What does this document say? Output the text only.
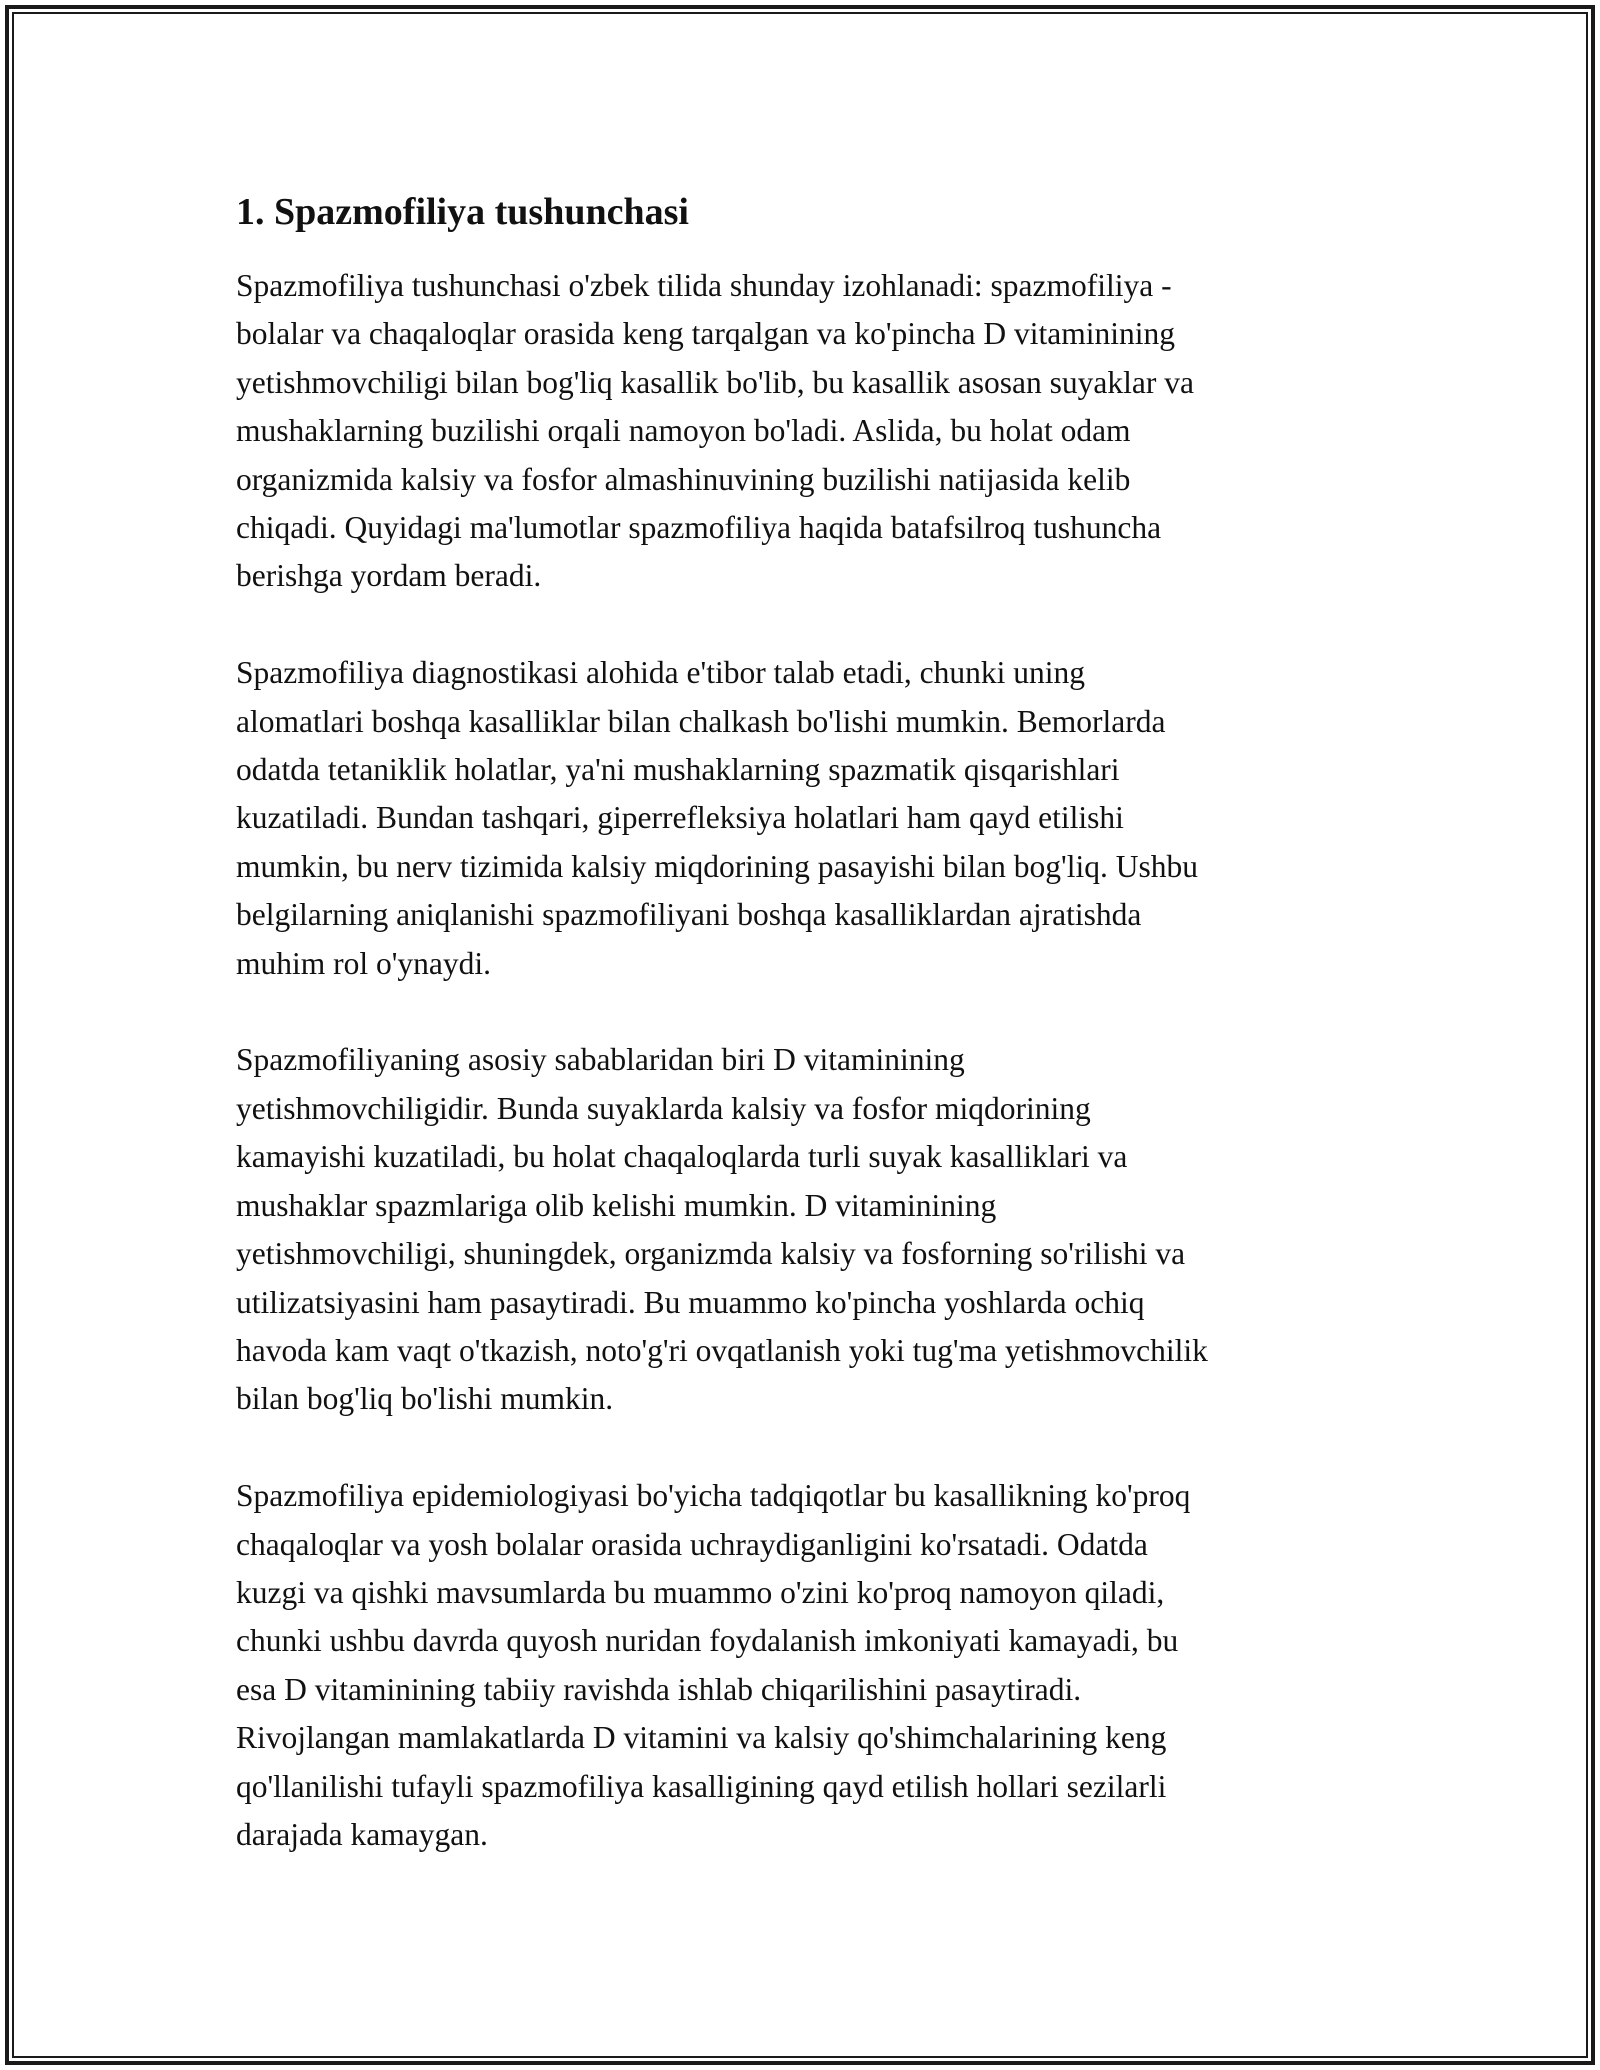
1. Spazmofiliya tushunchasi

Spazmofiliya tushunchasi o'zbek tilida shunday izohlanadi: spazmofiliya -
bolalar va chaqaloqlar orasida keng tarqalgan va ko'pincha D vitaminining
yetishmovchiligi bilan bog'liq kasallik bo'lib, bu kasallik asosan suyaklar va
mushaklarning buzilishi orqali namoyon bo'ladi. Aslida, bu holat odam
organizmida kalsiy va fosfor almashinuvining buzilishi natijasida kelib
chiqadi. Quyidagi ma'lumotlar spazmofiliya haqida batafsilroq tushuncha
berishga yordam beradi.

Spazmofiliya diagnostikasi alohida e'tibor talab etadi, chunki uning
alomatlari boshqa kasalliklar bilan chalkash bo'lishi mumkin. Bemorlarda
odatda tetaniklik holatlar, ya'ni mushaklarning spazmatik qisqarishlari
kuzatiladi. Bundan tashqari, giperrefleksiya holatlari ham qayd etilishi
mumkin, bu nerv tizimida kalsiy miqdorining pasayishi bilan bog'liq. Ushbu
belgilarning aniqlanishi spazmofiliyani boshqa kasalliklardan ajratishda
muhim rol o'ynaydi.

Spazmofiliyaning asosiy sabablaridan biri D vitaminining
yetishmovchiligidir. Bunda suyaklarda kalsiy va fosfor miqdorining
kamayishi kuzatiladi, bu holat chaqaloqlarda turli suyak kasalliklari va
mushaklar spazmlariga olib kelishi mumkin. D vitaminining
yetishmovchiligi, shuningdek, organizmda kalsiy va fosforning so'rilishi va
utilizatsiyasini ham pasaytiradi. Bu muammo ko'pincha yoshlarda ochiq
havoda kam vaqt o'tkazish, noto'g'ri ovqatlanish yoki tug'ma yetishmovchilik
bilan bog'liq bo'lishi mumkin.

Spazmofiliya epidemiologiyasi bo'yicha tadqiqotlar bu kasallikning ko'proq
chaqaloqlar va yosh bolalar orasida uchraydiganligini ko'rsatadi. Odatda
kuzgi va qishki mavsumlarda bu muammo o'zini ko'proq namoyon qiladi,
chunki ushbu davrda quyosh nuridan foydalanish imkoniyati kamayadi, bu
esa D vitaminining tabiiy ravishda ishlab chiqarilishini pasaytiradi.
Rivojlangan mamlakatlarda D vitamini va kalsiy qo'shimchalarining keng
qo'llanilishi tufayli spazmofiliya kasalligining qayd etilish hollari sezilarli
darajada kamaygan.
